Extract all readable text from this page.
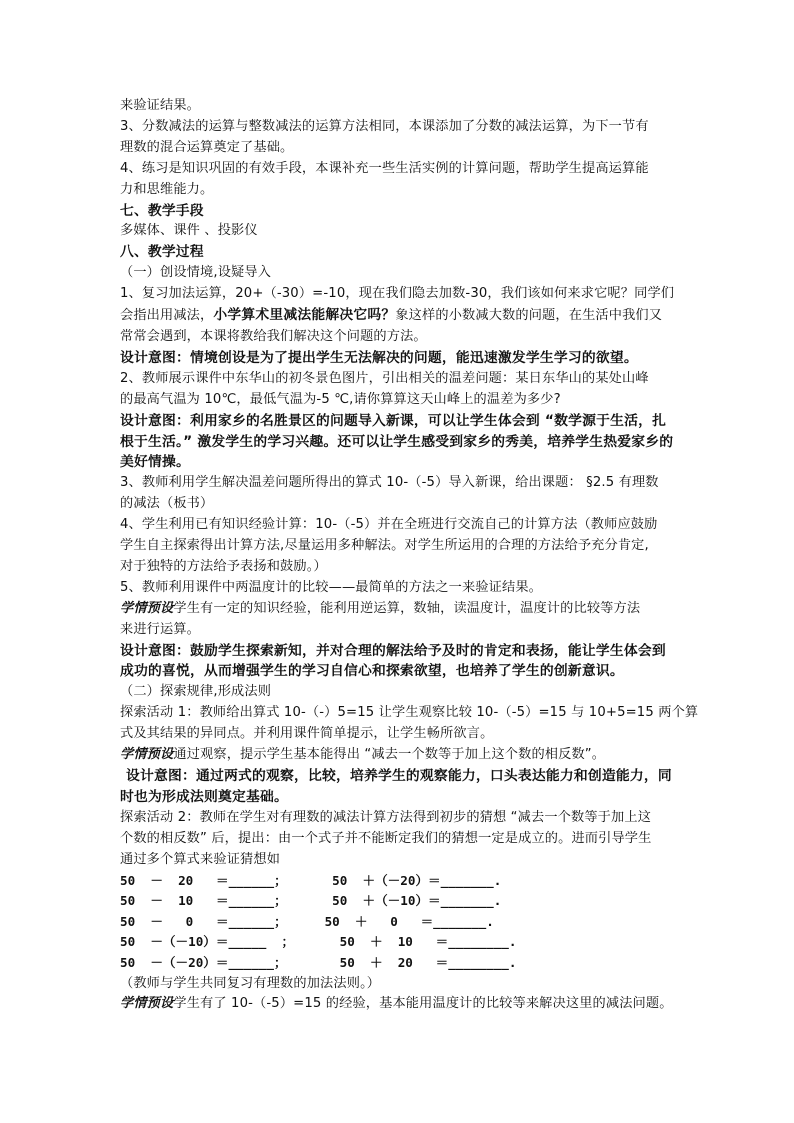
来验证结果。
3、分数减法的运算与整数减法的运算方法相同，本课添加了分数的减法运算，为下一节有
理数的混合运算奠定了基础。
4、练习是知识巩固的有效手段，本课补充一些生活实例的计算问题，帮助学生提高运算能
力和思维能力。
七、教学手段
多媒体、课件 、投影仪
八、教学过程
（一）创设情境,设疑导入
1、复习加法运算，20+（-30）=-10，现在我们隐去加数-30，我们该如何来求它呢？同学们
会指出用减法，小学算术里减法能解决它吗？象这样的小数减大数的问题，在生活中我们又
常常会遇到，本课将教给我们解决这个问题的方法。
设计意图：情境创设是为了提出学生无法解决的问题，能迅速激发学生学习的欲望。
2、教师展示课件中东华山的初冬景色图片，引出相关的温差问题：某日东华山的某处山峰
的最高气温为 10℃，最低气温为-5 ℃,请你算算这天山峰上的温差为多少?
设计意图：利用家乡的名胜景区的问题导入新课，可以让学生体会到 “数学源于生活，扎
根于生活。” 激发学生的学习兴趣。还可以让学生感受到家乡的秀美，培养学生热爱家乡的
美好情操。
3、教师利用学生解决温差问题所得出的算式 10-（-5）导入新课，给出课题： §2.5 有理数
的减法（板书）
4、学生利用已有知识经验计算：10-（-5）并在全班进行交流自己的计算方法（教师应鼓励
学生自主探索得出计算方法,尽量运用多种解法。对学生所运用的合理的方法给予充分肯定,
对于独特的方法给予表扬和鼓励。）
5、教师利用课件中两温度计的比较——最简单的方法之一来验证结果。
学情预设学生有一定的知识经验，能利用逆运算，数轴，读温度计，温度计的比较等方法
来进行运算。
设计意图：鼓励学生探索新知，并对合理的解法给予及时的肯定和表扬，能让学生体会到
成功的喜悦，从而增强学生的学习自信心和探索欲望，也培养了学生的创新意识。
（二）探索规律,形成法则
探索活动 1：教师给出算式 10-（-）5=15 让学生观察比较 10-（-5）=15 与 10+5=15 两个算
式及其结果的异同点。并利用课件简单提示，让学生畅所欲言。
学情预设通过观察，提示学生基本能得出 “减去一个数等于加上这个数的相反数”。
设计意图：通过两式的观察，比较，培养学生的观察能力，口头表达能力和创造能力，同
时也为形成法则奠定基础。
探索活动 2：教师在学生对有理数的减法计算方法得到初步的猜想 “减去一个数等于加上这
个数的相反数” 后，提出：由一个式子并不能断定我们的猜想一定是成立的。进而引导学生
通过多个算式来验证猜想如
50  －  20   ＝______；      50  ＋（－20）＝_______.
50  －  10   ＝______；      50  ＋（－10）＝_______.
50  －   0   ＝______；     50  ＋   0   ＝_______.
50  －（－10）＝_____  ；      50  ＋  10   ＝________.
50  －（－20）＝______；       50  ＋  20   ＝________.
（教师与学生共同复习有理数的加法法则。）
学情预设学生有了 10-（-5）=15 的经验，基本能用温度计的比较等来解决这里的减法问题。
